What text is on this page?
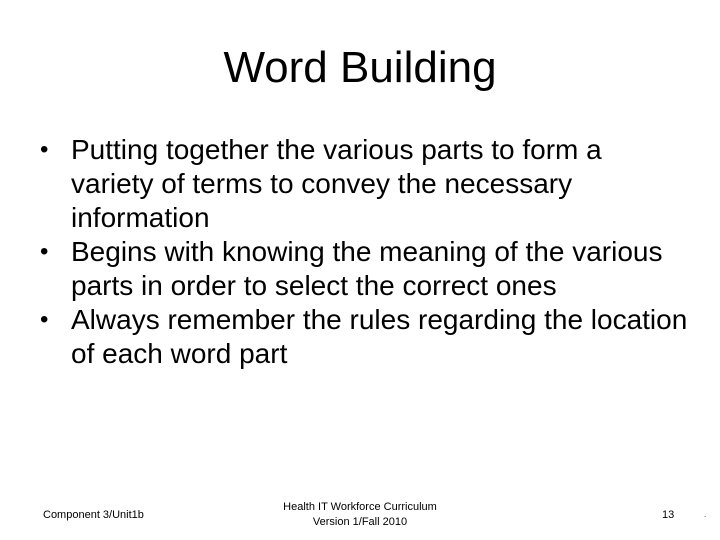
Word Building
• Putting together the various parts to form a variety of terms to convey the necessary information
• Begins with knowing the meaning of the various parts in order to select the correct ones
• Always remember the rules regarding the location of each word part
Component 3/Unit1b
Health IT Workforce Curriculum
Version 1/Fall 2010
13	.
